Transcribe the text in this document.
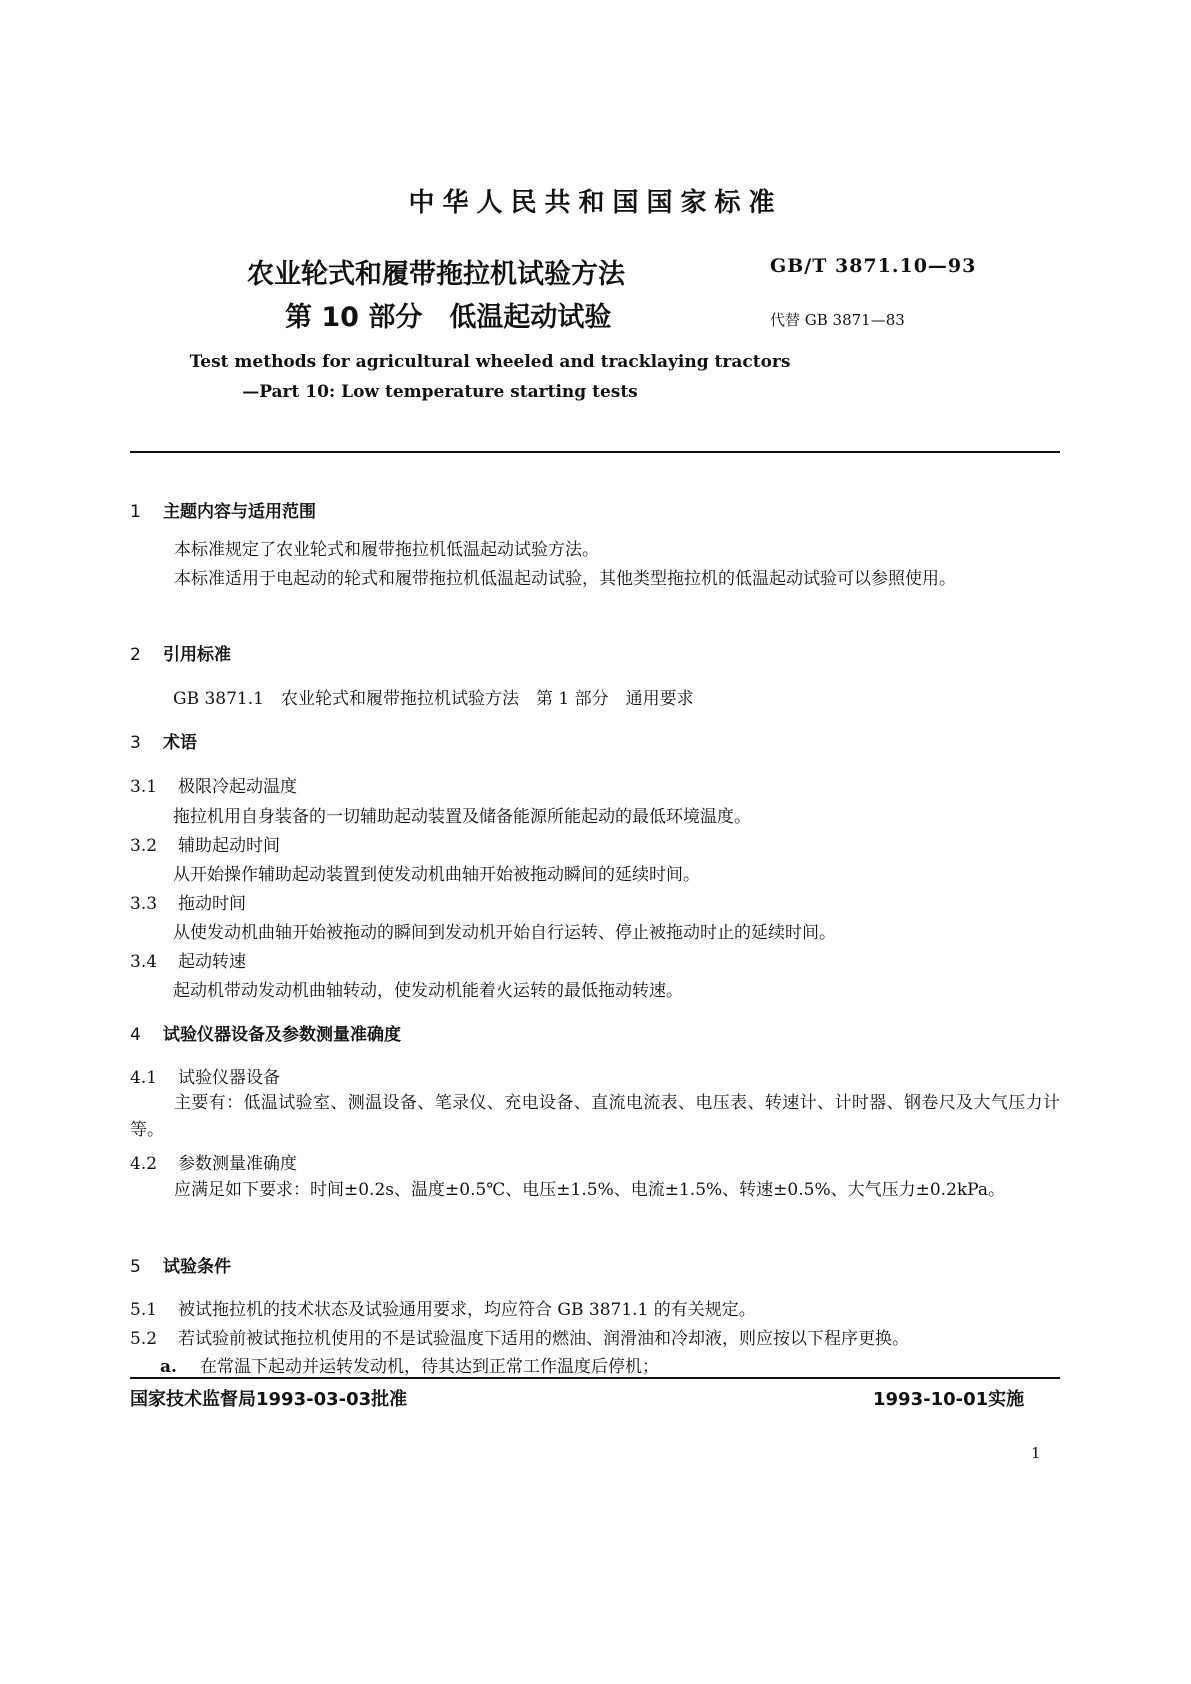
中华人民共和国国家标准
农业轮式和履带拖拉机试验方法
第 10 部分　低温起动试验
GB/T 3871.10—93
代替 GB 3871—83
Test methods for agricultural wheeled and tracklaying tractors
—Part 10: Low temperature starting tests
1 主题内容与适用范围
本标准规定了农业轮式和履带拖拉机低温起动试验方法。
本标准适用于电起动的轮式和履带拖拉机低温起动试验，其他类型拖拉机的低温起动试验可以参照使用。
2 引用标准
GB 3871.1　农业轮式和履带拖拉机试验方法　第 1 部分　通用要求
3 术语
3.1 极限冷起动温度
拖拉机用自身装备的一切辅助起动装置及储备能源所能起动的最低环境温度。
3.2 辅助起动时间
从开始操作辅助起动装置到使发动机曲轴开始被拖动瞬间的延续时间。
3.3 拖动时间
从使发动机曲轴开始被拖动的瞬间到发动机开始自行运转、停止被拖动时止的延续时间。
3.4 起动转速
起动机带动发动机曲轴转动，使发动机能着火运转的最低拖动转速。
4 试验仪器设备及参数测量准确度
4.1 试验仪器设备
主要有：低温试验室、测温设备、笔录仪、充电设备、直流电流表、电压表、转速计、计时器、钢卷尺及大气压力计等。
4.2 参数测量准确度
应满足如下要求：时间±0.2s、温度±0.5℃、电压±1.5%、电流±1.5%、转速±0.5%、大气压力±0.2kPa。
5 试验条件
5.1 被试拖拉机的技术状态及试验通用要求，均应符合 GB 3871.1 的有关规定。
5.2 若试验前被试拖拉机使用的不是试验温度下适用的燃油、润滑油和冷却液，则应按以下程序更换。
a. 在常温下起动并运转发动机，待其达到正常工作温度后停机；
国家技术监督局1993-03-03批准	1993-10-01实施
1
